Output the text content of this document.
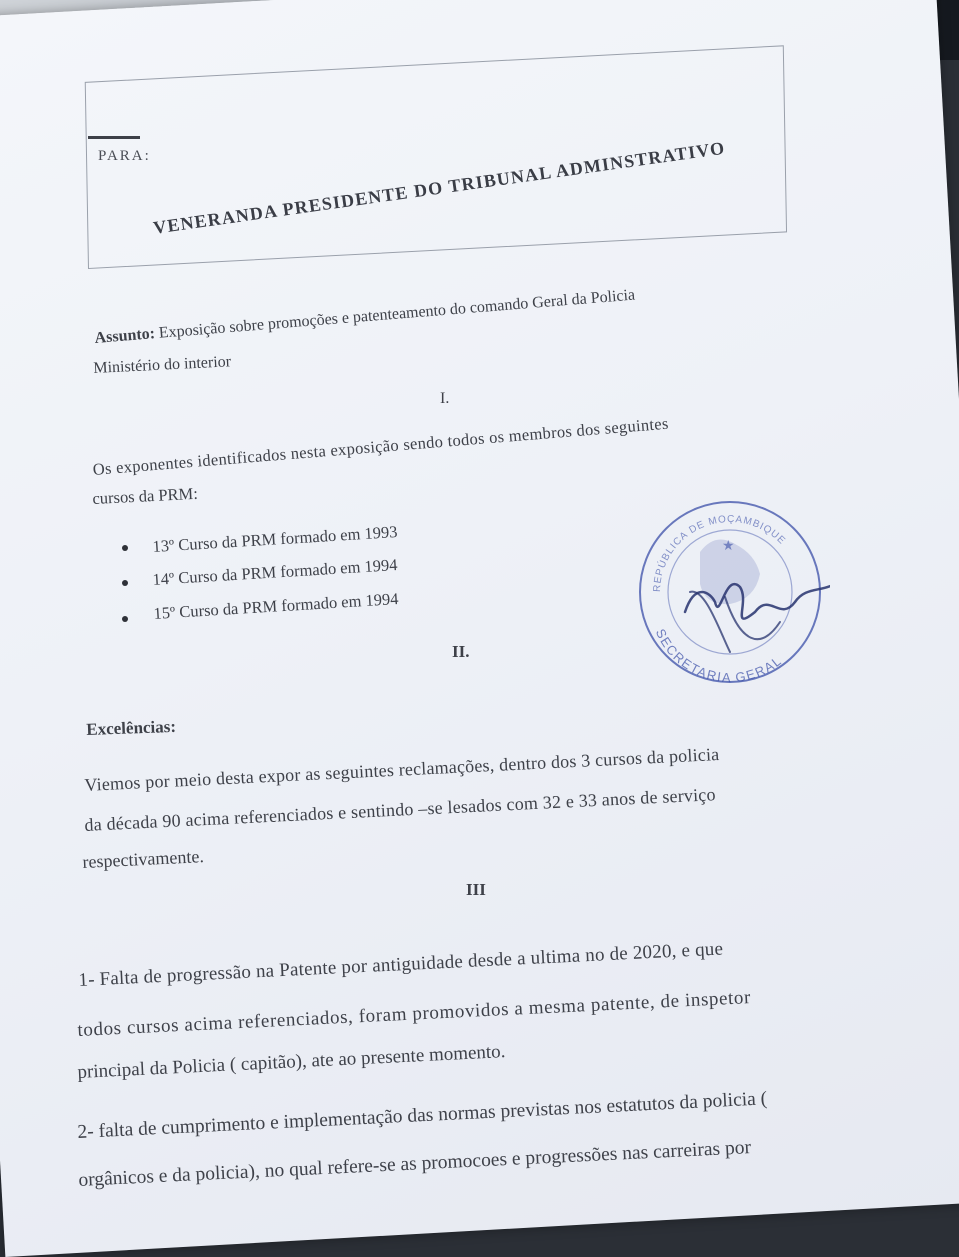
PARA: VENERANDA PRESIDENTE DO TRIBUNAL ADMINSTRATIVO
Assunto: Exposição sobre promoções e patenteamento do comando Geral da Policia
Ministério do interior
I.
Os exponentes identificados nesta exposição sendo todos os membros dos seguintes
cursos da PRM:
13º Curso da PRM formado em 1993
14º Curso da PRM formado em 1994
15º Curso da PRM formado em 1994
II.
Excelências:
Viemos por meio desta expor as seguintes reclamações, dentro dos 3 cursos da policia
da década 90 acima referenciados e sentindo –se lesados com 32 e 33 anos de serviço
respectivamente.
III
1- Falta de progressão na Patente por antiguidade desde a ultima no de 2020, e que
todos cursos acima referenciados, foram promovidos a mesma patente, de inspetor
principal da Policia ( capitão), ate ao presente momento.
2- falta de cumprimento e implementação das normas previstas nos estatutos da policia (
orgânicos e da policia), no qual refere-se as promocoes e progressões nas carreiras por
REPÚBLICA DE MOÇAMBIQUE
SECRETARIA GERAL
★
